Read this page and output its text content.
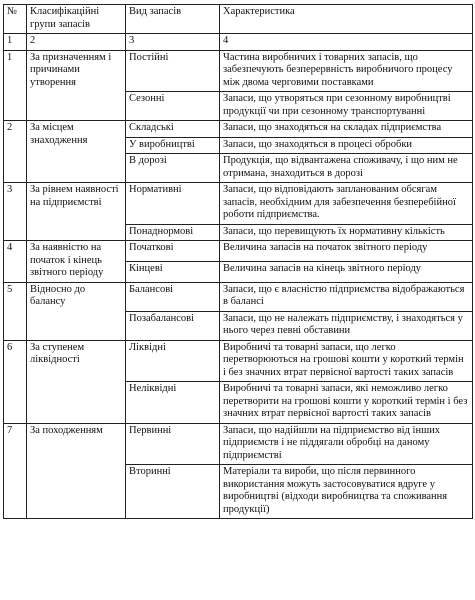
№	Класифікаційні групи запасів	Вид запасів	Характеристика
1	2	3	4
1	За призначенням і причинами утворення	Постійні	Частина виробничих і товарних запасів, що забезпечують безперервність виробничого процесу між двома черговими поставками
		Сезонні	Запаси, що утворяться при сезонному виробництві продукції чи при сезонному транспортуванні
2	За місцем знаходження	Складські	Запаси, що знаходяться на складах підприємства
		У виробництві	Запаси, що знаходяться в процесі обробки
		В дорозі	Продукція, що відвантажена споживачу, і що ним не отримана, знаходиться в дорозі
3	За рівнем наявності на підприємстві	Нормативні	Запаси, що відповідають запланованим обсягам запасів, необхідним для забезпечення безперебійної роботи підприємства.
		Понаднормові	Запаси, що перевищують їх нормативну кількість
4	За наявністю на початок і кінець звітного періоду	Початкові	Величина запасів на початок звітного періоду
		Кінцеві	Величина запасів на кінець звітного періоду
5	Відносно до балансу	Балансові	Запаси, що є власністю підприємства відображаються в балансі
		Позабалансові	Запаси, що не належать підприємству, і знаходяться у нього через певні обставини
6	За ступенем ліквідності	Ліквідні	Виробничі та товарні запаси, що легко перетворюються на грошові кошти у короткий термін і без значних втрат первісної вартості таких запасів
		Неліквідні	Виробничі та товарні запаси, які неможливо легко перетворити на грошові кошти у короткий термін і без значних втрат первісної вартості таких запасів
7	За походженням	Первинні	Запаси, що надійшли на підприємство від інших підприємств і не піддягали обробці на даному підприємстві
		Вторинні	Матеріали та вироби, що після первинного використання можуть застосовуватися вдруге у виробництві (відходи виробництва та споживання продукції)
